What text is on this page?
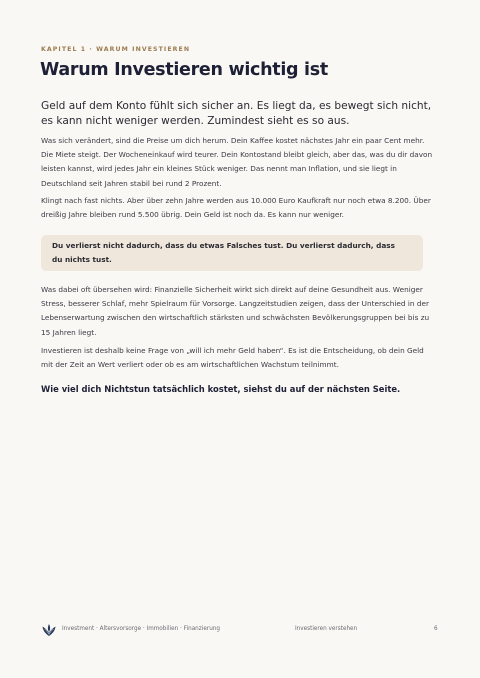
KAPITEL 1 · WARUM INVESTIEREN
Warum Investieren wichtig ist

Geld auf dem Konto fühlt sich sicher an. Es liegt da, es bewegt sich nicht, es kann nicht weniger werden. Zumindest sieht es so aus.

Was sich verändert, sind die Preise um dich herum. Dein Kaffee kostet nächstes Jahr ein paar Cent mehr. Die Miete steigt. Der Wocheneinkauf wird teurer. Dein Kontostand bleibt gleich, aber das, was du dir davon leisten kannst, wird jedes Jahr ein kleines Stück weniger. Das nennt man Inflation, und sie liegt in Deutschland seit Jahren stabil bei rund 2 Prozent.

Klingt nach fast nichts. Aber über zehn Jahre werden aus 10.000 Euro Kaufkraft nur noch etwa 8.200. Über dreißig Jahre bleiben rund 5.500 übrig. Dein Geld ist noch da. Es kann nur weniger.

Du verlierst nicht dadurch, dass du etwas Falsches tust. Du verlierst dadurch, dass du nichts tust.

Was dabei oft übersehen wird: Finanzielle Sicherheit wirkt sich direkt auf deine Gesundheit aus. Weniger Stress, besserer Schlaf, mehr Spielraum für Vorsorge. Langzeitstudien zeigen, dass der Unterschied in der Lebenserwartung zwischen den wirtschaftlich stärksten und schwächsten Bevölkerungsgruppen bei bis zu 15 Jahren liegt.

Investieren ist deshalb keine Frage von „will ich mehr Geld haben“. Es ist die Entscheidung, ob dein Geld mit der Zeit an Wert verliert oder ob es am wirtschaftlichen Wachstum teilnimmt.

Wie viel dich Nichtstun tatsächlich kostet, siehst du auf der nächsten Seite.

Investment · Altersvorsorge · Immobilien · Finanzierung	Investieren verstehen	6
